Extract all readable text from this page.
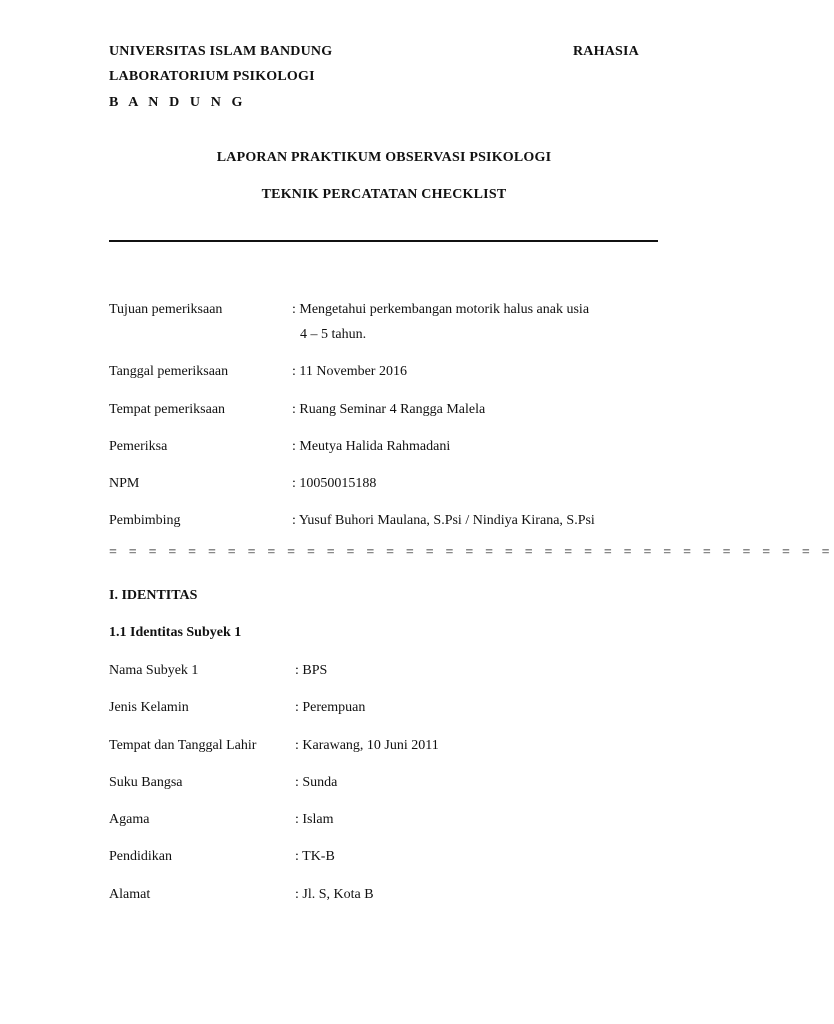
UNIVERSITAS ISLAM BANDUNG	RAHASIA
LABORATORIUM PSIKOLOGI
B A N D U N G
LAPORAN PRAKTIKUM OBSERVASI PSIKOLOGI
TEKNIK PERCATATAN CHECKLIST
Tujuan pemeriksaan	: Mengetahui perkembangan motorik halus anak usia
4 – 5 tahun.
Tanggal pemeriksaan	: 11 November 2016
Tempat pemeriksaan	: Ruang Seminar 4 Rangga Malela
Pemeriksa	: Meutya Halida Rahmadani
NPM	: 10050015188
Pembimbing	: Yusuf Buhori Maulana, S.Psi / Nindiya Kirana, S.Psi
= = = = = = = = = = = = = = = = = = = = = = = = = = = = = = = = = = = = =
I. IDENTITAS
1.1 Identitas Subyek 1
Nama Subyek 1	: BPS
Jenis Kelamin	: Perempuan
Tempat dan Tanggal Lahir	: Karawang, 10 Juni 2011
Suku Bangsa	: Sunda
Agama	: Islam
Pendidikan	: TK-B
Alamat	: Jl. S, Kota B
